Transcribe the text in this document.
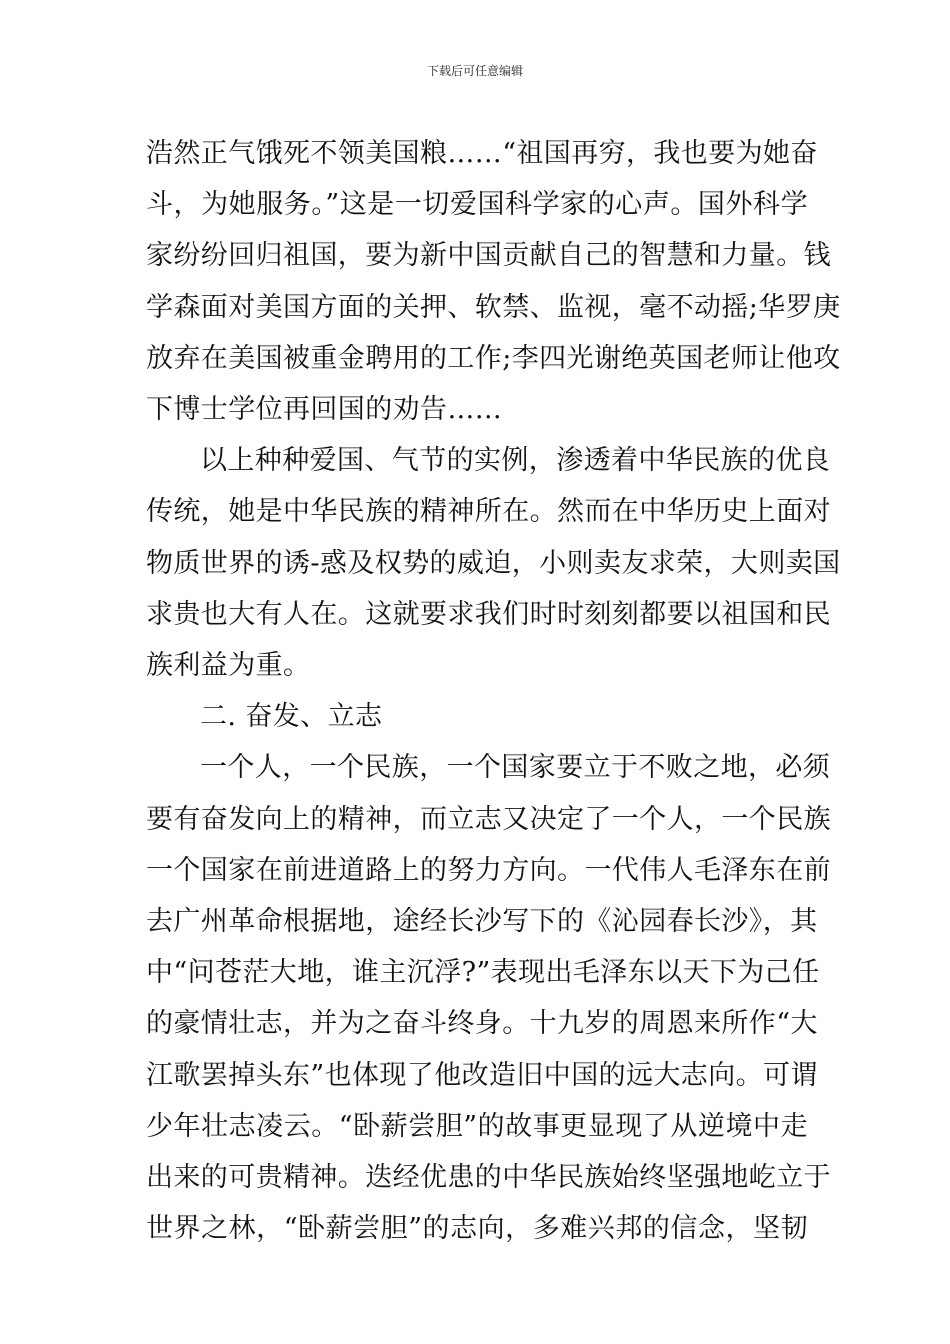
下载后可任意编辑

浩然正气饿死不领美国粮……“祖国再穷，我也要为她奋
斗，为她服务。”这是一切爱国科学家的心声。国外科学
家纷纷回归祖国，要为新中国贡献自己的智慧和力量。钱
学森面对美国方面的关押、软禁、监视，毫不动摇;华罗庚
放弃在美国被重金聘用的工作;李四光谢绝英国老师让他攻
下博士学位再回国的劝告……

以上种种爱国、气节的实例，渗透着中华民族的优良
传统，她是中华民族的精神所在。然而在中华历史上面对
物质世界的诱-惑及权势的威迫，小则卖友求荣，大则卖国
求贵也大有人在。这就要求我们时时刻刻都要以祖国和民
族利益为重。

二. 奋发、立志

一个人，一个民族，一个国家要立于不败之地，必须
要有奋发向上的精神，而立志又决定了一个人，一个民族
一个国家在前进道路上的努力方向。一代伟人毛泽东在前
去广州革命根据地，途经长沙写下的《沁园春长沙》，其
中“问苍茫大地，谁主沉浮?”表现出毛泽东以天下为己任
的豪情壮志，并为之奋斗终身。十九岁的周恩来所作“大
江歌罢掉头东”也体现了他改造旧中国的远大志向。可谓
少年壮志凌云。“卧薪尝胆”的故事更显现了从逆境中走
出来的可贵精神。迭经优患的中华民族始终坚强地屹立于
世界之林，“卧薪尝胆”的志向，多难兴邦的信念，坚韧
